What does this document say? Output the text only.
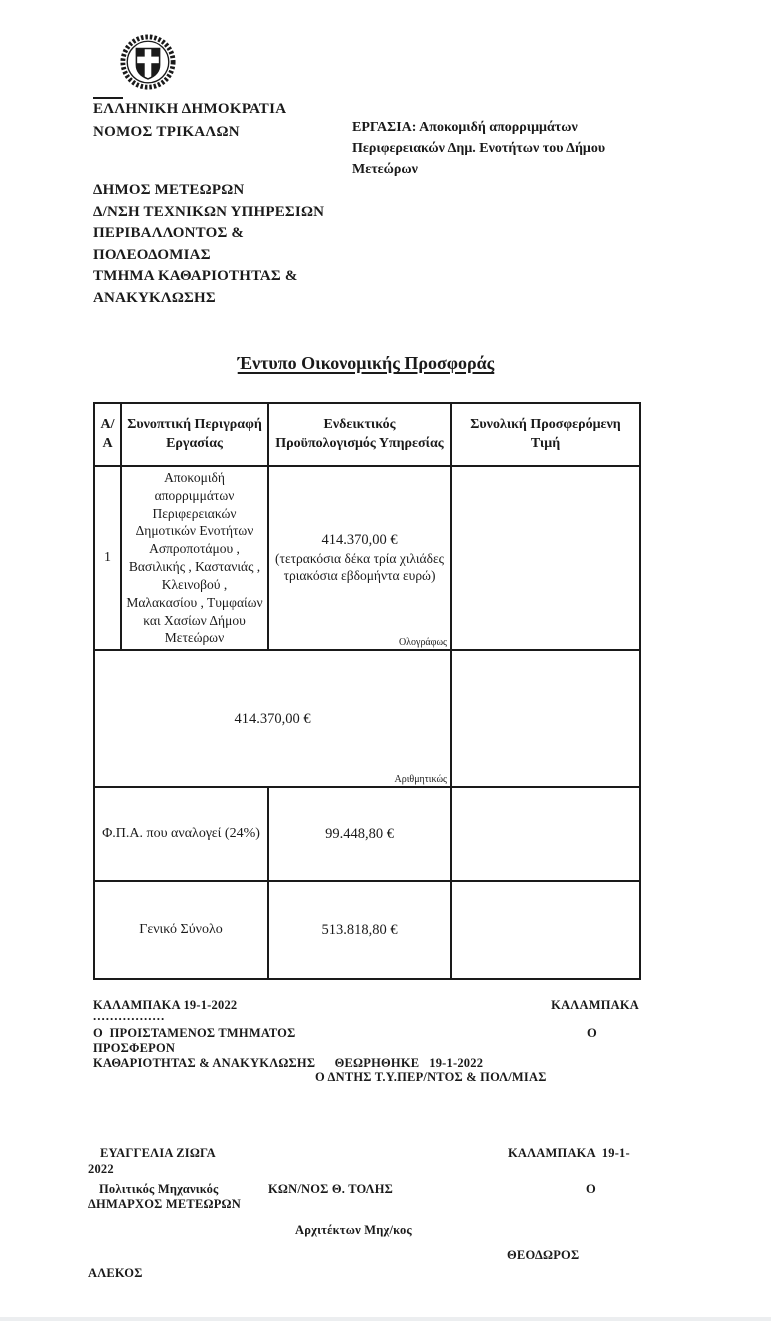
ΕΛΛΗΝΙΚΗ ΔΗΜΟΚΡΑΤΙΑ
ΝΟΜΟΣ ΤΡΙΚΑΛΩΝ	ΕΡΓΑΣΙΑ: Αποκομιδή απορριμμάτων Περιφερειακών Δημ. Ενοτήτων του Δήμου Μετεώρων
ΔΗΜΟΣ ΜΕΤΕΩΡΩΝ
Δ/ΝΣΗ ΤΕΧΝΙΚΩΝ ΥΠΗΡΕΣΙΩΝ
ΠΕΡΙΒΑΛΛΟΝΤΟΣ &
ΠΟΛΕΟΔΟΜΙΑΣ
ΤΜΗΜΑ ΚΑΘΑΡΙΟΤΗΤΑΣ &
ΑΝΑΚΥΚΛΩΣΗΣ
Έντυπο Οικονομικής Προσφοράς
Α/Α	Συνοπτική Περιγραφή Εργασίας	Ενδεικτικός Προϋπολογισμός Υπηρεσίας	Συνολική Προσφερόμενη Τιμή
1	Αποκομιδή απορριμμάτων Περιφερειακών Δημοτικών Ενοτήτων Ασπροποτάμου , Βασιλικής , Καστανιάς , Κλεινοβού , Μαλακασίου , Τυμφαίων και Χασίων Δήμου Μετεώρων	414.370,00 €
(τετρακόσια δέκα τρία χιλιάδες τριακόσια εβδομήντα ευρώ)
Ολογράφως	

414.370,00 €
Αριθμητικώς			

Φ.Π.Α. που αναλογεί (24%)		99.448,80 €	
Γενικό Σύνολο		513.818,80 €	
ΚΑΛΑΜΠΑΚΑ 19-1-2022	ΚΑΛΑΜΠΑΚΑ
.................
Ο  ΠΡΟΙΣΤΑΜΕΝΟΣ ΤΜΗΜΑΤΟΣ	Ο
ΠΡΟΣΦΕΡΟΝ
ΚΑΘΑΡΙΟΤΗΤΑΣ & ΑΝΑΚΥΚΛΩΣΗΣ ΘΕΩΡΗΘΗΚΕ   19-1-2022
Ο ΔΝΤΗΣ Τ.Υ.ΠΕΡ/ΝΤΟΣ & ΠΟΛ/ΜΙΑΣ
ΕΥΑΓΓΕΛΙΑ ΖΙΩΓΑ	ΚΑΛΑΜΠΑΚΑ  19-1-
2022
Πολιτικός Μηχανικός	ΚΩΝ/ΝΟΣ Θ. ΤΟΛΗΣ	Ο
ΔΗΜΑΡΧΟΣ ΜΕΤΕΩΡΩΝ
Αρχιτέκτων Μηχ/κος
ΘΕΟΔΩΡΟΣ
ΑΛΕΚΟΣ
